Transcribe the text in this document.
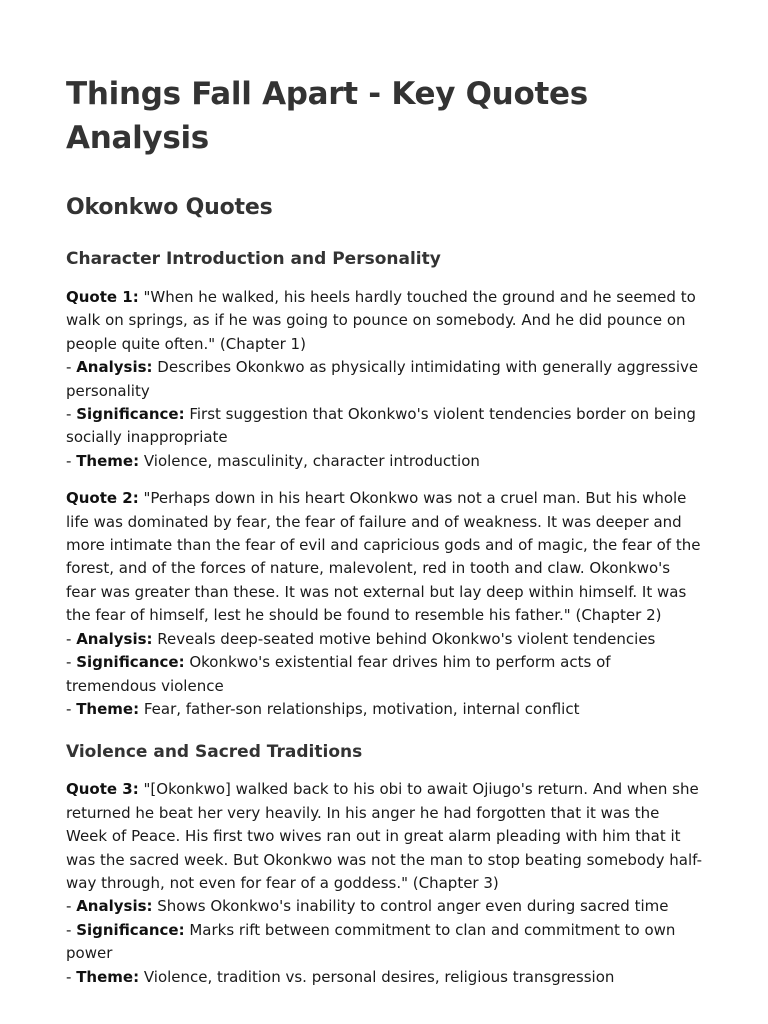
Things Fall Apart - Key Quotes Analysis
Okonkwo Quotes
Character Introduction and Personality

Quote 1: "When he walked, his heels hardly touched the ground and he seemed to walk on springs, as if he was going to pounce on somebody. And he did pounce on people quite often." (Chapter 1)

- Analysis: Describes Okonkwo as physically intimidating with generally aggressive personality

- Significance: First suggestion that Okonkwo's violent tendencies border on being socially inappropriate

- Theme: Violence, masculinity, character introduction

Quote 2: "Perhaps down in his heart Okonkwo was not a cruel man. But his whole life was dominated by fear, the fear of failure and of weakness. It was deeper and more intimate than the fear of evil and capricious gods and of magic, the fear of the forest, and of the forces of nature, malevolent, red in tooth and claw. Okonkwo's fear was greater than these. It was not external but lay deep within himself. It was the fear of himself, lest he should be found to resemble his father." (Chapter 2)

- Analysis: Reveals deep-seated motive behind Okonkwo's violent tendencies

- Significance: Okonkwo's existential fear drives him to perform acts of tremendous violence

- Theme: Fear, father-son relationships, motivation, internal conflict

Violence and Sacred Traditions

Quote 3: "[Okonkwo] walked back to his obi to await Ojiugo's return. And when she returned he beat her very heavily. In his anger he had forgotten that it was the Week of Peace. His first two wives ran out in great alarm pleading with him that it was the sacred week. But Okonkwo was not the man to stop beating somebody half-way through, not even for fear of a goddess." (Chapter 3)

- Analysis: Shows Okonkwo's inability to control anger even during sacred time

- Significance: Marks rift between commitment to clan and commitment to own power

- Theme: Violence, tradition vs. personal desires, religious transgression
